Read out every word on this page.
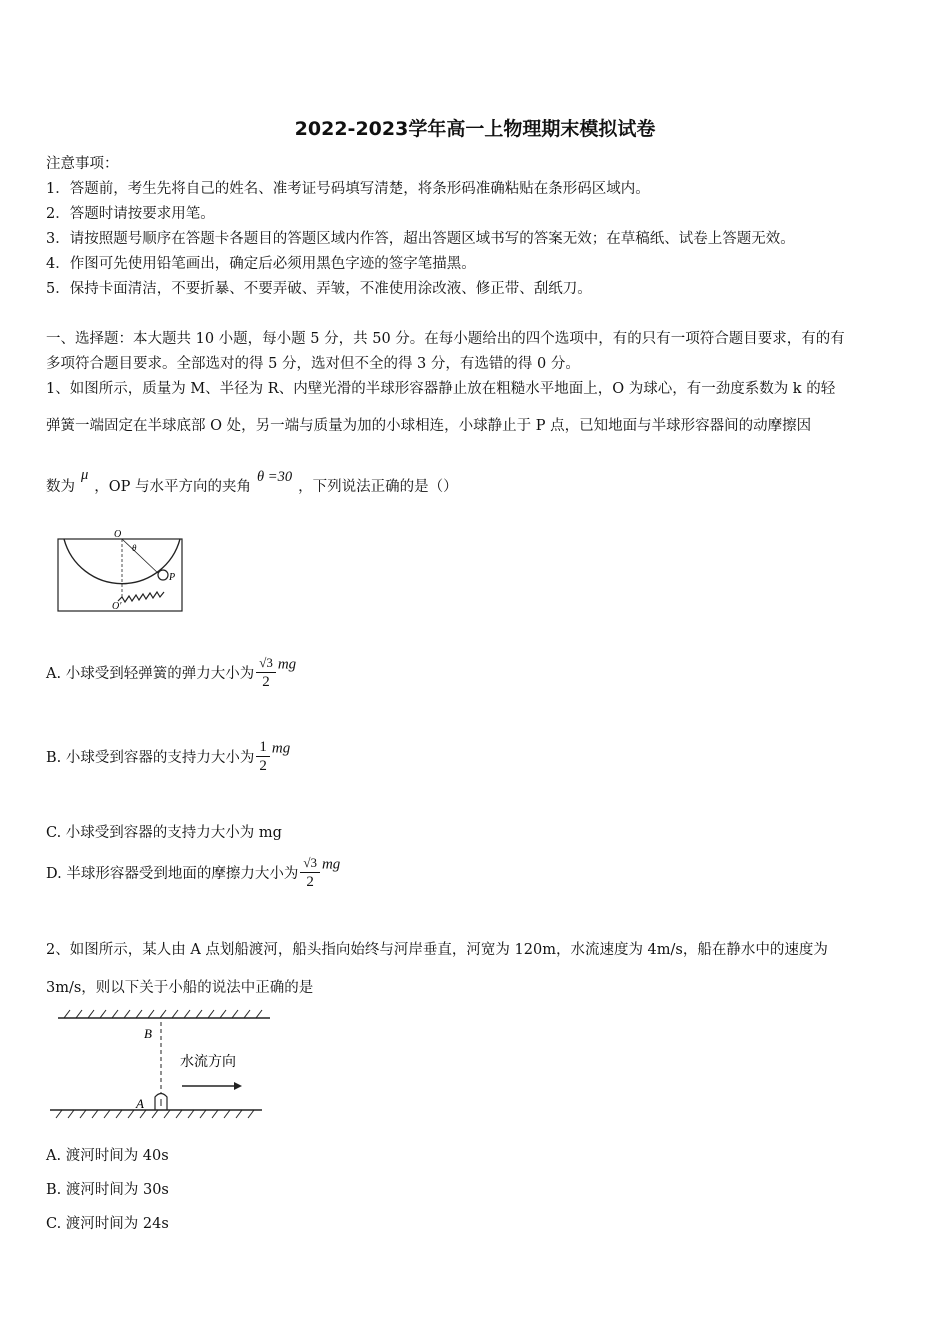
2022-2023学年高一上物理期末模拟试卷
注意事项：
1．答题前，考生先将自己的姓名、准考证号码填写清楚，将条形码准确粘贴在条形码区域内。
2．答题时请按要求用笔。
3．请按照题号顺序在答题卡各题目的答题区域内作答，超出答题区域书写的答案无效；在草稿纸、试卷上答题无效。
4．作图可先使用铅笔画出，确定后必须用黑色字迹的签字笔描黑。
5．保持卡面清洁，不要折暴、不要弄破、弄皱，不准使用涂改液、修正带、刮纸刀。
一、选择题：本大题共 10 小题，每小题 5 分，共 50 分。在每小题给出的四个选项中，有的只有一项符合题目要求，有的有
多项符合题目要求。全部选对的得 5 分，选对但不全的得 3 分，有选错的得 0 分。
1、如图所示，质量为 M、半径为 R、内壁光滑的半球形容器静止放在粗糙水平地面上，O 为球心，有一劲度系数为 k 的轻
弹簧一端固定在半球底部 O 处，另一端与质量为加的小球相连，小球静止于 P 点，已知地面与半球形容器间的动摩擦因
数为μ，OP 与水平方向的夹角θ =30，下列说法正确的是（）
O
θ
P
O′
A. 小球受到轻弹簧的弹力大小为 $\frac{√3}{2}$ mg
B. 小球受到容器的支持力大小为 $\frac{1}{2}$ mg
C. 小球受到容器的支持力大小为 mg
D. 半球形容器受到地面的摩擦力大小为 $\frac{√3}{2}$ mg
2、如图所示，某人由 A 点划船渡河，船头指向始终与河岸垂直，河宽为 120m，水流速度为 4m/s，船在静水中的速度为
3m/s，则以下关于小船的说法中正确的是
B
A
水流方向
A. 渡河时间为 40s
B. 渡河时间为 30s
C. 渡河时间为 24s
